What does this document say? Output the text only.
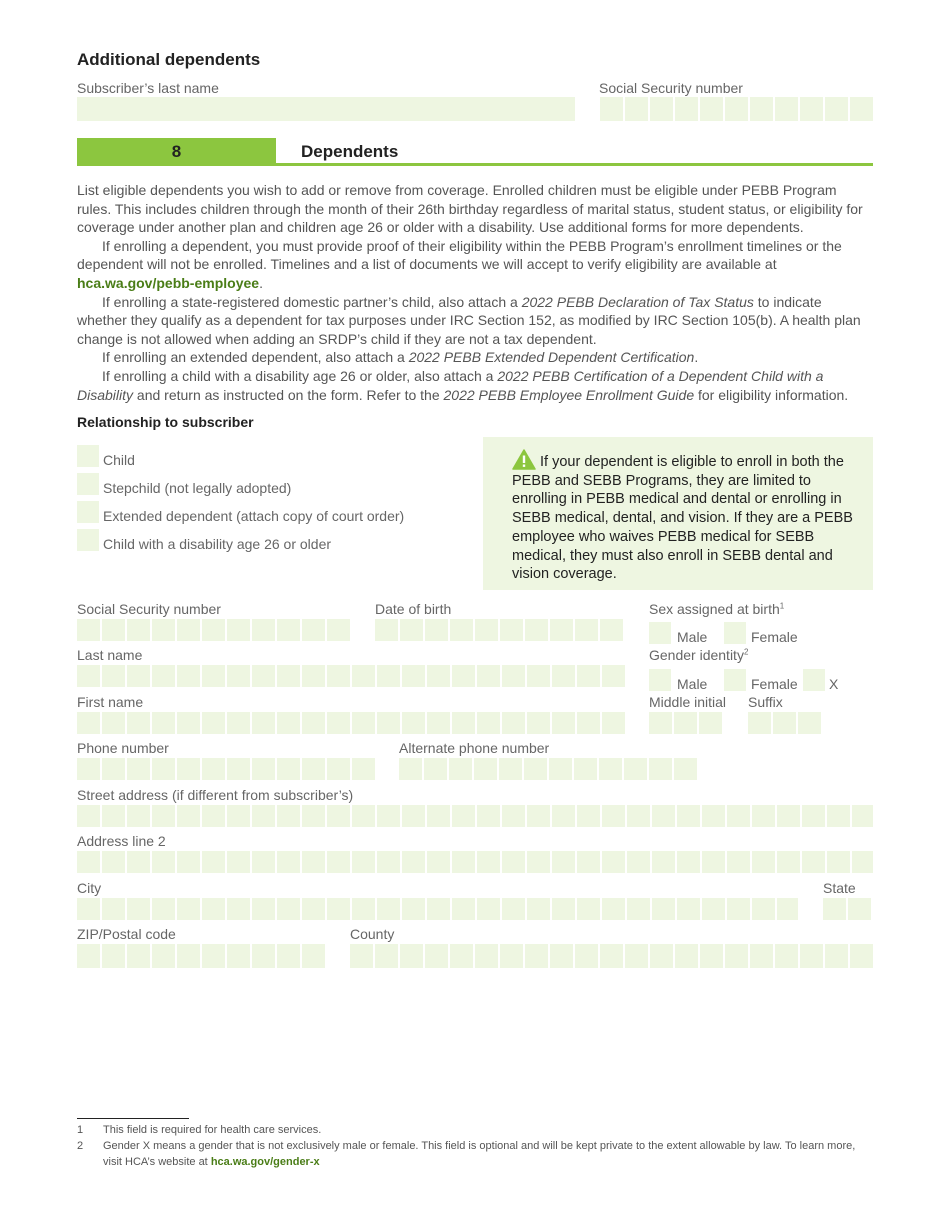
Additional dependents
Subscriber’s last name	Social Security number
8	Dependents

List eligible dependents you wish to add or remove from coverage. Enrolled children must be eligible under PEBB Program rules. This includes children through the month of their 26th birthday regardless of marital status, student status, or eligibility for coverage under another plan and children age 26 or older with a disability. Use additional forms for more dependents.

If enrolling a dependent, you must provide proof of their eligibility within the PEBB Program’s enrollment timelines or the dependent will not be enrolled. Timelines and a list of documents we will accept to verify eligibility are available at hca.wa.gov/pebb-employee.

If enrolling a state-registered domestic partner’s child, also attach a 2022 PEBB Declaration of Tax Status to indicate whether they qualify as a dependent for tax purposes under IRC Section 152, as modified by IRC Section 105(b). A health plan change is not allowed when adding an SRDP’s child if they are not a tax dependent.

If enrolling an extended dependent, also attach a 2022 PEBB Extended Dependent Certification.

If enrolling a child with a disability age 26 or older, also attach a 2022 PEBB Certification of a Dependent Child with a Disability and return as instructed on the form. Refer to the 2022 PEBB Employee Enrollment Guide for eligibility information.

Relationship to subscriber
Child
Stepchild (not legally adopted)
Extended dependent (attach copy of court order)
Child with a disability age 26 or older
If your dependent is eligible to enroll in both the PEBB and SEBB Programs, they are limited to enrolling in PEBB medical and dental or enrolling in SEBB medical, dental, and vision. If they are a PEBB employee who waives PEBB medical for SEBB medical, they must also enroll in SEBB dental and vision coverage.
Social Security number	Date of birth	Sex assigned at birth$^1$
Male	Female
Last name	Gender identity$^2$
Male	Female X
First name	Middle initial Suffix
Phone number	Alternate phone number
Street address (if different from subscriber’s)
Address line 2
City	State
ZIP/Postal code	County
1 This field is required for health care services.
2 Gender X means a gender that is not exclusively male or female. This field is optional and will be kept private to the extent allowable by law. To learn more, visit HCA’s website at hca.wa.gov/gender-x
